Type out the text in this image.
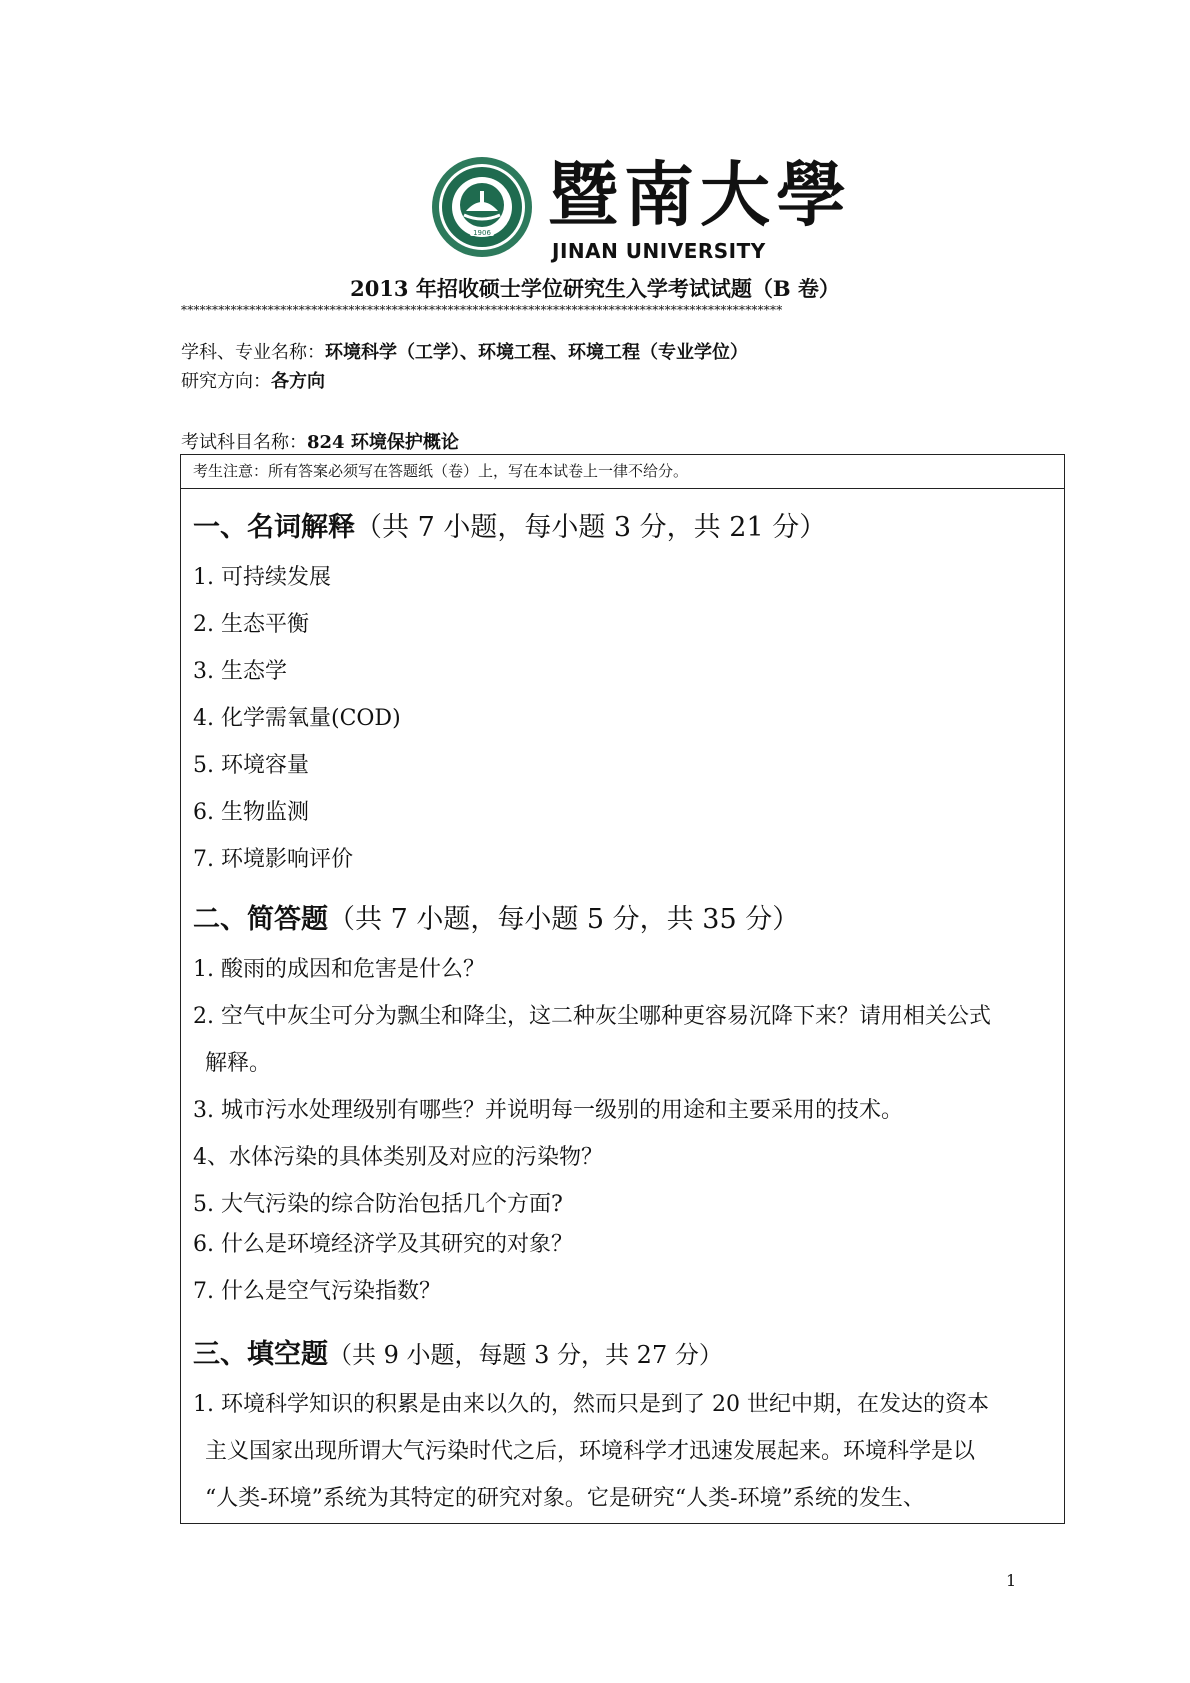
1906 暨南大學
JINAN UNIVERSITY
2013 年招收硕士学位研究生入学考试试题（B 卷）
*************************************************************************************************
学科、专业名称：环境科学（工学）、环境工程、环境工程（专业学位）
研究方向：各方向
考试科目名称：824 环境保护概论
考生注意：所有答案必须写在答题纸（卷）上，写在本试卷上一律不给分。
一、名词解释（共 7 小题，每小题 3 分，共 21 分）
1. 可持续发展
2. 生态平衡
3. 生态学
4. 化学需氧量(COD)
5. 环境容量
6. 生物监测
7. 环境影响评价
二、简答题（共 7 小题，每小题 5 分，共 35 分）
1. 酸雨的成因和危害是什么？
2. 空气中灰尘可分为飘尘和降尘，这二种灰尘哪种更容易沉降下来？请用相关公式
解释。
3. 城市污水处理级别有哪些？并说明每一级别的用途和主要采用的技术。
4、水体污染的具体类别及对应的污染物？
5. 大气污染的综合防治包括几个方面?
6. 什么是环境经济学及其研究的对象？
7. 什么是空气污染指数？
三、填空题（共 9 小题，每题 3 分，共 27 分）
1. 环境科学知识的积累是由来以久的，然而只是到了 20 世纪中期，在发达的资本
主义国家出现所谓大气污染时代之后，环境科学才迅速发展起来。环境科学是以
“人类-环境”系统为其特定的研究对象。它是研究“人类-环境”系统的发生、
1
